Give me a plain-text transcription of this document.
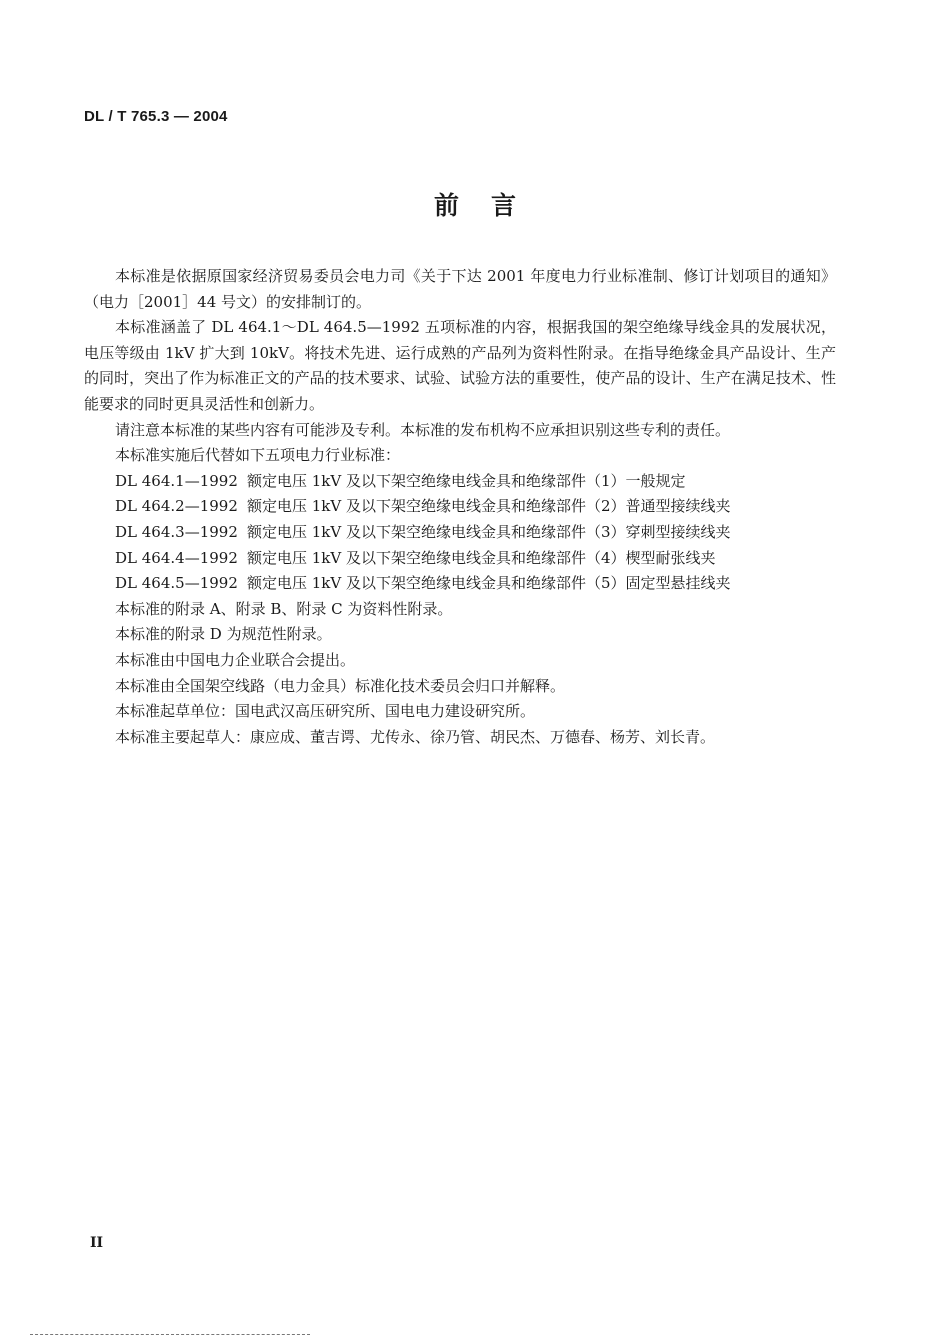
DL / T 765.3 — 2004
前言

本标准是依据原国家经济贸易委员会电力司《关于下达 2001 年度电力行业标准制、修订计划项目的通知》（电力［2001］44 号文）的安排制订的。

本标准涵盖了 DL 464.1～DL 464.5—1992 五项标准的内容，根据我国的架空绝缘导线金具的发展状况，电压等级由 1kV 扩大到 10kV。将技术先进、运行成熟的产品列为资料性附录。在指导绝缘金具产品设计、生产的同时，突出了作为标准正文的产品的技术要求、试验、试验方法的重要性，使产品的设计、生产在满足技术、性能要求的同时更具灵活性和创新力。

请注意本标准的某些内容有可能涉及专利。本标准的发布机构不应承担识别这些专利的责任。

本标准实施后代替如下五项电力行业标准：

DL 464.1—1992 额定电压 1kV 及以下架空绝缘电线金具和绝缘部件（1）一般规定

DL 464.2—1992 额定电压 1kV 及以下架空绝缘电线金具和绝缘部件（2）普通型接续线夹

DL 464.3—1992 额定电压 1kV 及以下架空绝缘电线金具和绝缘部件（3）穿刺型接续线夹

DL 464.4—1992 额定电压 1kV 及以下架空绝缘电线金具和绝缘部件（4）楔型耐张线夹

DL 464.5—1992 额定电压 1kV 及以下架空绝缘电线金具和绝缘部件（5）固定型悬挂线夹

本标准的附录 A、附录 B、附录 C 为资料性附录。

本标准的附录 D 为规范性附录。

本标准由中国电力企业联合会提出。

本标准由全国架空线路（电力金具）标准化技术委员会归口并解释。

本标准起草单位：国电武汉高压研究所、国电电力建设研究所。

本标准主要起草人：康应成、董吉谔、尤传永、徐乃管、胡民杰、万德春、杨芳、刘长青。

II
